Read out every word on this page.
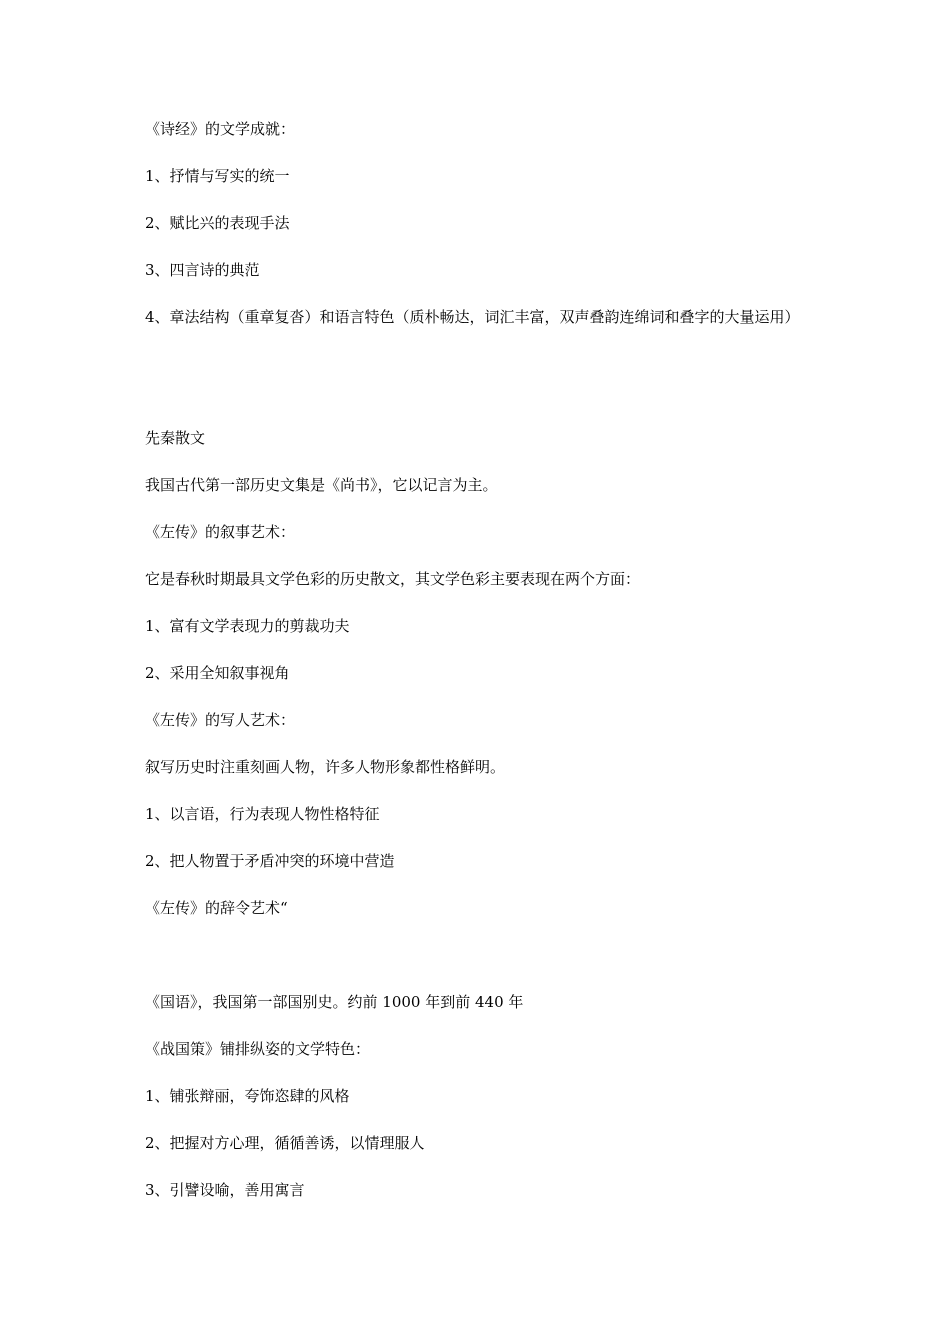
《诗经》的文学成就：
1、抒情与写实的统一
2、赋比兴的表现手法
3、四言诗的典范
4、章法结构（重章复沓）和语言特色（质朴畅达，词汇丰富，双声叠韵连绵词和叠字的大量运用）
先秦散文
我国古代第一部历史文集是《尚书》，它以记言为主。
《左传》的叙事艺术：
它是春秋时期最具文学色彩的历史散文，其文学色彩主要表现在两个方面：
1、富有文学表现力的剪裁功夫
2、采用全知叙事视角
《左传》的写人艺术：
叙写历史时注重刻画人物，许多人物形象都性格鲜明。
1、以言语，行为表现人物性格特征
2、把人物置于矛盾冲突的环境中营造
《左传》的辞令艺术“
《国语》，我国第一部国别史。约前 1000 年到前 440 年
《战国策》铺排纵姿的文学特色：
1、铺张辩丽，夸饰恣肆的风格
2、把握对方心理，循循善诱，以情理服人
3、引譬设喻，善用寓言
